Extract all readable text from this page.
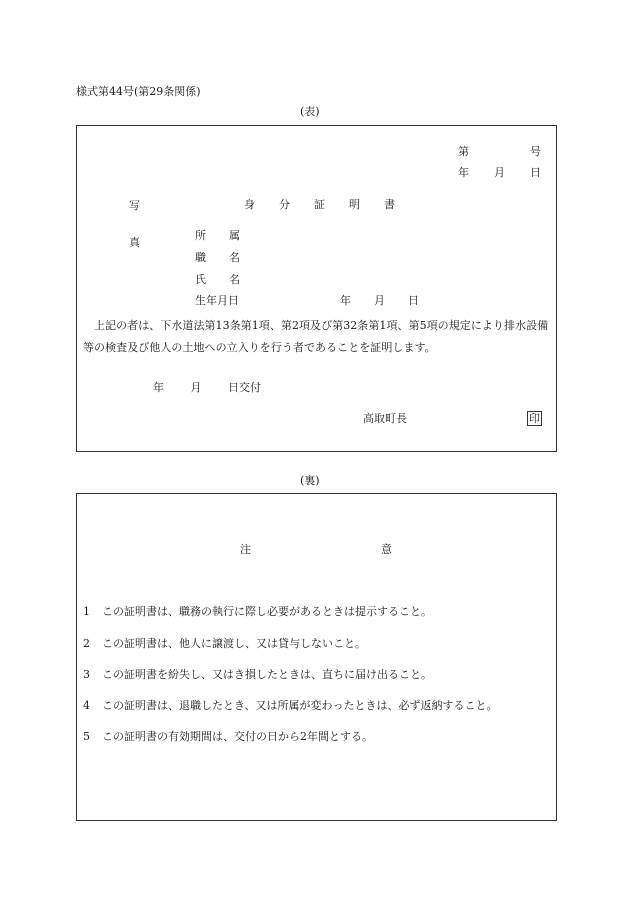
様式第44号(第29条関係)
(表)
第	号
年 月 日
写
真
身 分 証 明 書
所 属
職 名
氏 名
生年月日	年 月 日
上記の者は、下水道法第13条第1項、第2項及び第32条第1項、第5項の規定により排水設備等の検査及び他人の土地への立入りを行う者であることを証明します。
年 月 日交付
高取町長	印
(裏)
注	意
1 この証明書は、職務の執行に際し必要があるときは提示すること。
2 この証明書は、他人に譲渡し、又は貸与しないこと。
3 この証明書を紛失し、又はき損したときは、直ちに届け出ること。
4 この証明書は、退職したとき、又は所属が変わったときは、必ず返納すること。
5 この証明書の有効期間は、交付の日から2年間とする。
